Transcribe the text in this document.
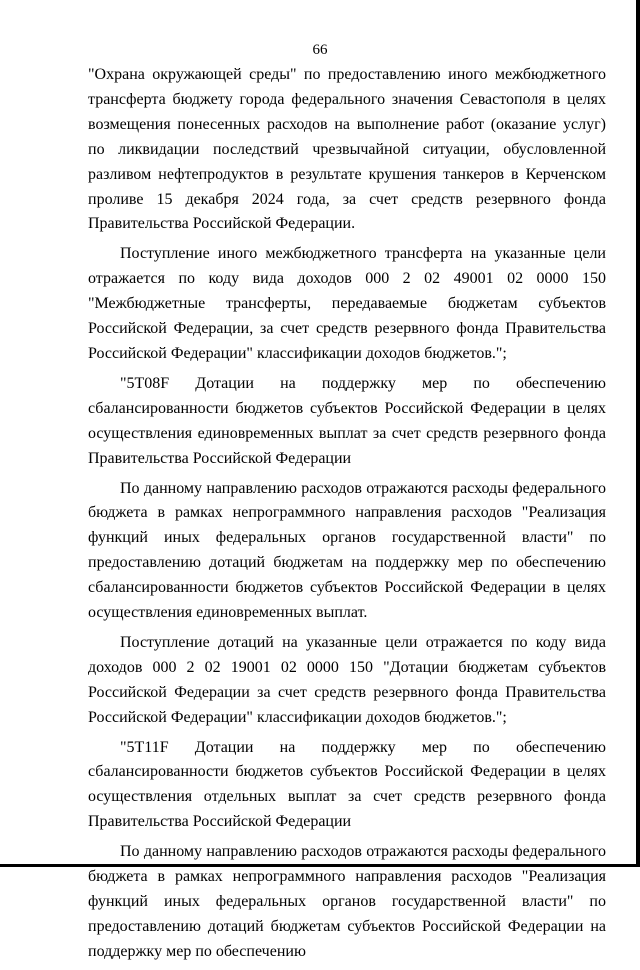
66

"Охрана окружающей среды" по предоставлению иного межбюджетного трансферта бюджету города федерального значения Севастополя в целях возмещения понесенных расходов на выполнение работ (оказание услуг) по ликвидации последствий чрезвычайной ситуации, обусловленной разливом нефтепродуктов в результате крушения танкеров в Керченском проливе 15 декабря 2024 года, за счет средств резервного фонда Правительства Российской Федерации.

Поступление иного межбюджетного трансферта на указанные цели отражается по коду вида доходов 000 2 02 49001 02 0000 150 "Межбюджетные трансферты, передаваемые бюджетам субъектов Российской Федерации, за счет средств резервного фонда Правительства Российской Федерации" классификации доходов бюджетов.";

"5Т08F Дотации на поддержку мер по обеспечению сбалансированности бюджетов субъектов Российской Федерации в целях осуществления единовременных выплат за счет средств резервного фонда Правительства Российской Федерации

По данному направлению расходов отражаются расходы федерального бюджета в рамках непрограммного направления расходов "Реализация функций иных федеральных органов государственной власти" по предоставлению дотаций бюджетам на поддержку мер по обеспечению сбалансированности бюджетов субъектов Российской Федерации в целях осуществления единовременных выплат.

Поступление дотаций на указанные цели отражается по коду вида доходов 000 2 02 19001 02 0000 150 "Дотации бюджетам субъектов Российской Федерации за счет средств резервного фонда Правительства Российской Федерации" классификации доходов бюджетов.";

"5Т11F Дотации на поддержку мер по обеспечению сбалансированности бюджетов субъектов Российской Федерации в целях осуществления отдельных выплат за счет средств резервного фонда Правительства Российской Федерации

По данному направлению расходов отражаются расходы федерального бюджета в рамках непрограммного направления расходов "Реализация функций иных федеральных органов государственной власти" по предоставлению дотаций бюджетам субъектов Российской Федерации на поддержку мер по обеспечению
